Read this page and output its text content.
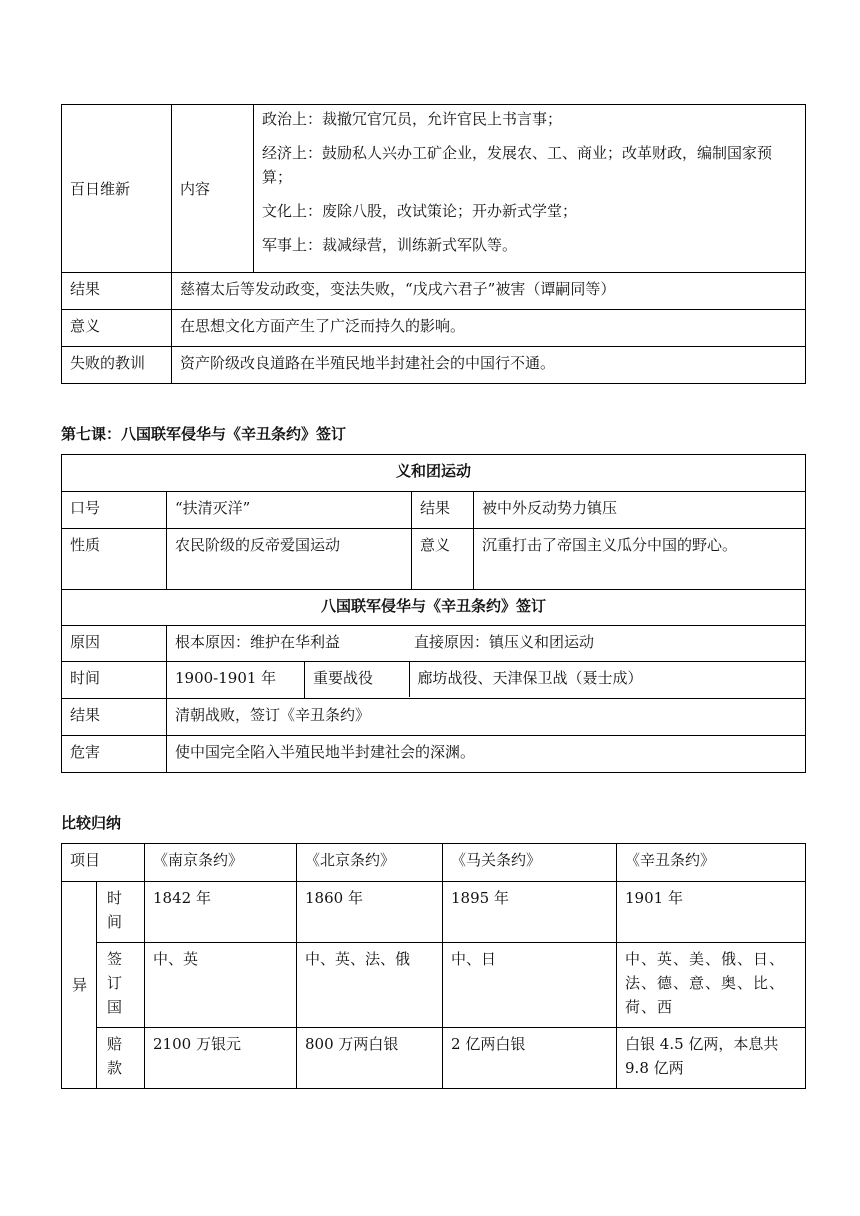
百日维新	内容	政治上：裁撤冗官冗员，允许官民上书言事；
经济上：鼓励私人兴办工矿企业，发展农、工、商业；改革财政，编制国家预算；
文化上：废除八股，改试策论；开办新式学堂；
军事上：裁减绿营，训练新式军队等。

结果	慈禧太后等发动政变，变法失败，“戊戌六君子”被害（谭嗣同等）	
意义	在思想文化方面产生了广泛而持久的影响。	
失败的教训	资产阶级改良道路在半殖民地半封建社会的中国行不通。	
第七课：八国联军侵华与《辛丑条约》签订
义和团运动
口号	“扶清灭洋”	结果	被中外反动势力镇压
性质	农民阶级的反帝爱国运动	意义	沉重打击了帝国主义瓜分中国的野心。
八国联军侵华与《辛丑条约》签订
原因	根本原因：维护在华利益	直接原因：镇压义和团运动
时间	1900-1901 年	重要战役	廊坊战役、天津保卫战（聂士成）

结果	清朝战败，签订《辛丑条约》
危害	使中国完全陷入半殖民地半封建社会的深渊。
比较归纳
项目		《南京条约》	《北京条约》	《马关条约》	《辛丑条约》
异	时间	1842 年	1860 年	1895 年	1901 年
	签订国	中、英	中、英、法、俄	中、日	中、英、美、俄、日、法、德、意、奥、比、荷、西
	赔款	2100 万银元	800 万两白银	2 亿两白银	白银 4.5 亿两，本息共 9.8 亿两
